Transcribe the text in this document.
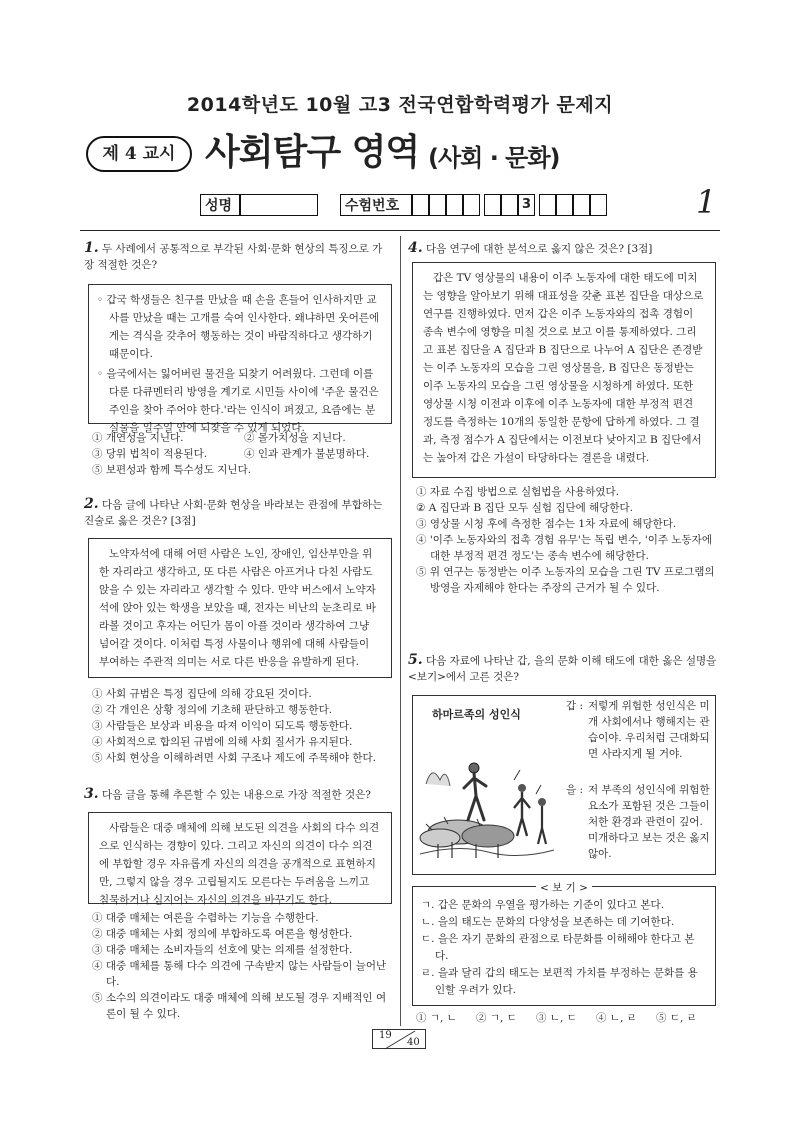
2014학년도 10월 고3 전국연합학력평가 문제지
제 4 교시 사회탐구 영역 (사회 · 문화)
성명	수험번호	3	1
1. 두 사례에서 공통적으로 부각된 사회·문화 현상의 특징으로 가장 적절한 것은?
◦ 갑국 학생들은 친구를 만났을 때 손을 흔들어 인사하지만 교사를 만났을 때는 고개를 숙여 인사한다. 왜냐하면 웃어른에게는 격식을 갖추어 행동하는 것이 바람직하다고 생각하기 때문이다.
◦ 을국에서는 잃어버린 물건을 되찾기 어려웠다. 그런데 이를 다룬 다큐멘터리 방영을 계기로 시민들 사이에 '주운 물건은 주인을 찾아 주어야 한다.'라는 인식이 퍼졌고, 요즘에는 분실물을 일주일 안에 되찾을 수 있게 되었다.
① 개연성을 지닌다.	② 몰가치성을 지닌다.
③ 당위 법칙이 적용된다.	④ 인과 관계가 불분명하다.
⑤ 보편성과 함께 특수성도 지닌다.
2. 다음 글에 나타난 사회·문화 현상을 바라보는 관점에 부합하는 진술로 옳은 것은? [3점]
노약자석에 대해 어떤 사람은 노인, 장애인, 임산부만을 위한 자리라고 생각하고, 또 다른 사람은 아프거나 다친 사람도 앉을 수 있는 자리라고 생각할 수 있다. 만약 버스에서 노약자석에 앉아 있는 학생을 보았을 때, 전자는 비난의 눈초리로 바라볼 것이고 후자는 어딘가 몸이 아플 것이라 생각하여 그냥 넘어갈 것이다. 이처럼 특정 사물이나 행위에 대해 사람들이 부여하는 주관적 의미는 서로 다른 반응을 유발하게 된다.
① 사회 규범은 특정 집단에 의해 강요된 것이다.
② 각 개인은 상황 정의에 기초해 판단하고 행동한다.
③ 사람들은 보상과 비용을 따져 이익이 되도록 행동한다.
④ 사회적으로 합의된 규범에 의해 사회 질서가 유지된다.
⑤ 사회 현상을 이해하려면 사회 구조나 제도에 주목해야 한다.
3. 다음 글을 통해 추론할 수 있는 내용으로 가장 적절한 것은?
사람들은 대중 매체에 의해 보도된 의견을 사회의 다수 의견으로 인식하는 경향이 있다. 그리고 자신의 의견이 다수 의견에 부합할 경우 자유롭게 자신의 의견을 공개적으로 표현하지만, 그렇지 않을 경우 고립될지도 모른다는 두려움을 느끼고 침묵하거나 심지어는 자신의 의견을 바꾸기도 한다.
① 대중 매체는 여론을 수렴하는 기능을 수행한다.
② 대중 매체는 사회 정의에 부합하도록 여론을 형성한다.
③ 대중 매체는 소비자들의 선호에 맞는 의제를 설정한다.
④ 대중 매체를 통해 다수 의견에 구속받지 않는 사람들이 늘어난다.
⑤ 소수의 의견이라도 대중 매체에 의해 보도될 경우 지배적인 여론이 될 수 있다.
4. 다음 연구에 대한 분석으로 옳지 않은 것은? [3점]
갑은 TV 영상물의 내용이 이주 노동자에 대한 태도에 미치는 영향을 알아보기 위해 대표성을 갖춘 표본 집단을 대상으로 연구를 진행하였다. 먼저 갑은 이주 노동자와의 접촉 경험이 종속 변수에 영향을 미칠 것으로 보고 이를 통제하였다. 그리고 표본 집단을 A 집단과 B 집단으로 나누어 A 집단은 존경받는 이주 노동자의 모습을 그린 영상물을, B 집단은 동정받는 이주 노동자의 모습을 그린 영상물을 시청하게 하였다. 또한 영상물 시청 이전과 이후에 이주 노동자에 대한 부정적 편견 정도를 측정하는 10개의 동일한 문항에 답하게 하였다. 그 결과, 측정 점수가 A 집단에서는 이전보다 낮아지고 B 집단에서는 높아져 갑은 가설이 타당하다는 결론을 내렸다.
① 자료 수집 방법으로 실험법을 사용하였다.
② A 집단과 B 집단 모두 실험 집단에 해당한다.
③ 영상물 시청 후에 측정한 점수는 1차 자료에 해당한다.
④ '이주 노동자와의 접촉 경험 유무'는 독립 변수, '이주 노동자에 대한 부정적 편견 정도'는 종속 변수에 해당한다.
⑤ 위 연구는 동정받는 이주 노동자의 모습을 그린 TV 프로그램의 방영을 자제해야 한다는 주장의 근거가 될 수 있다.
5. 다음 자료에 나타난 갑, 을의 문화 이해 태도에 대한 옳은 설명을 <보기>에서 고른 것은?
하마르족의 성인식
갑 : 저렇게 위험한 성인식은 미개 사회에서나 행해지는 관습이야. 우리처럼 근대화되면 사라지게 될 거야.
을 : 저 부족의 성인식에 위험한 요소가 포함된 것은 그들이 처한 환경과 관련이 깊어. 미개하다고 보는 것은 옳지 않아.
ㄱ. 갑은 문화의 우열을 평가하는 기준이 있다고 본다.
ㄴ. 을의 태도는 문화의 다양성을 보존하는 데 기여한다.
ㄷ. 을은 자기 문화의 관점으로 타문화를 이해해야 한다고 본다.
ㄹ. 을과 달리 갑의 태도는 보편적 가치를 부정하는 문화를 용인할 우려가 있다.
< 보 기 >
① ㄱ, ㄴ	② ㄱ, ㄷ	③ ㄴ, ㄷ	④ ㄴ, ㄹ	⑤ ㄷ, ㄹ
19
40
